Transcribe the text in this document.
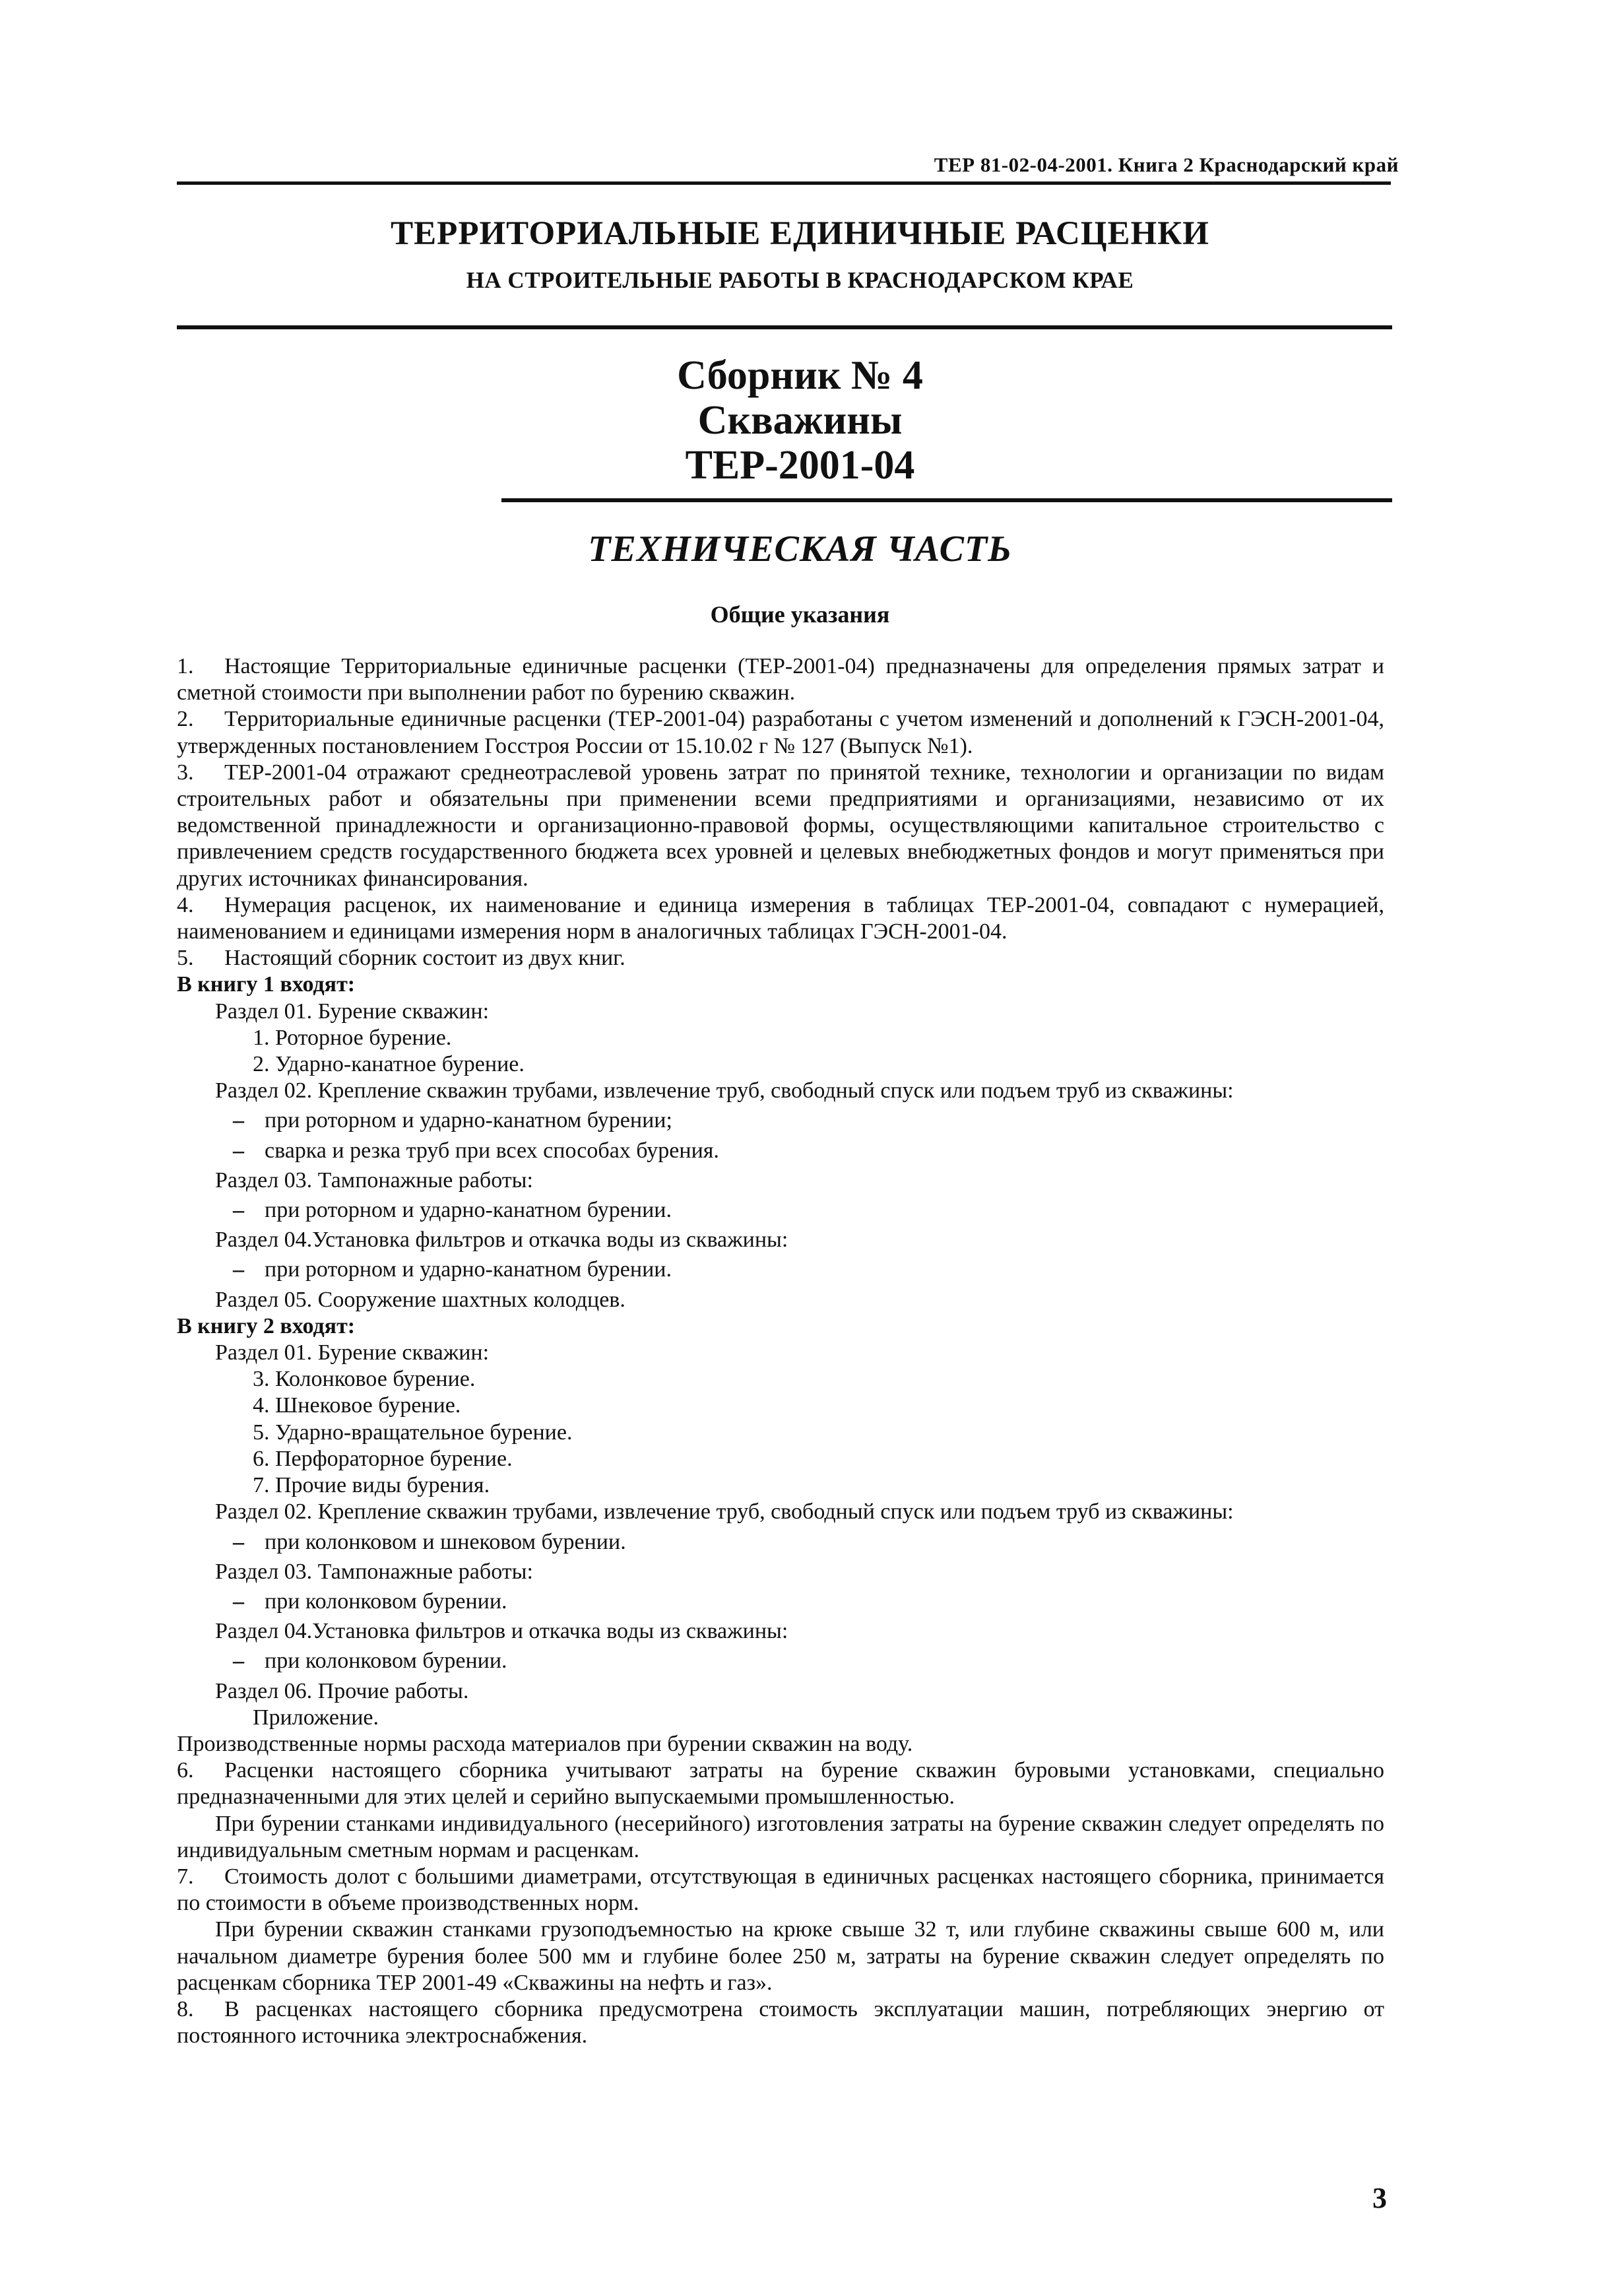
ТЕР 81-02-04-2001. Книга 2 Краснодарский край
ТЕРРИТОРИАЛЬНЫЕ ЕДИНИЧНЫЕ РАСЦЕНКИ
НА СТРОИТЕЛЬНЫЕ РАБОТЫ В КРАСНОДАРСКОМ КРАЕ
Сборник № 4
Скважины
ТЕР-2001-04
ТЕХНИЧЕСКАЯ ЧАСТЬ
Общие указания

1. Настоящие Территориальные единичные расценки (ТЕР-2001-04) предназначены для определения прямых затрат и сметной стоимости при выполнении работ по бурению скважин.

2. Территориальные единичные расценки (ТЕР-2001-04) разработаны с учетом изменений и дополнений к ГЭСН-2001-04, утвержденных постановлением Госстроя России от 15.10.02 г № 127 (Выпуск №1).

3. ТЕР-2001-04 отражают среднеотраслевой уровень затрат по принятой технике, технологии и организации по видам строительных работ и обязательны при применении всеми предприятиями и организациями, независимо от их ведомственной принадлежности и организационно-правовой формы, осуществляющими капитальное строительство с привлечением средств государственного бюджета всех уровней и целевых внебюджетных фондов и могут применяться при других источниках финансирования.

4. Нумерация расценок, их наименование и единица измерения в таблицах ТЕР-2001-04, совпадают с нумерацией, наименованием и единицами измерения норм в аналогичных таблицах ГЭСН-2001-04.

5. Настоящий сборник состоит из двух книг.

В книгу 1 входят:

Раздел 01. Бурение скважин:

1. Роторное бурение.

2. Ударно-канатное бурение.

Раздел 02. Крепление скважин трубами, извлечение труб, свободный спуск или подъем труб из скважины:

– при роторном и ударно-канатном бурении;

– сварка и резка труб при всех способах бурения.

Раздел 03. Тампонажные работы:

– при роторном и ударно-канатном бурении.

Раздел 04.Установка фильтров и откачка воды из скважины:

– при роторном и ударно-канатном бурении.

Раздел 05. Сооружение шахтных колодцев.

В книгу 2 входят:

Раздел 01. Бурение скважин:

3. Колонковое бурение.

4. Шнековое бурение.

5. Ударно-вращательное бурение.

6. Перфораторное бурение.

7. Прочие виды бурения.

Раздел 02. Крепление скважин трубами, извлечение труб, свободный спуск или подъем труб из скважины:

– при колонковом и шнековом бурении.

Раздел 03. Тампонажные работы:

– при колонковом бурении.

Раздел 04.Установка фильтров и откачка воды из скважины:

– при колонковом бурении.

Раздел 06. Прочие работы.

Приложение.

Производственные нормы расхода материалов при бурении скважин на воду.

6. Расценки настоящего сборника учитывают затраты на бурение скважин буровыми установками, специально предназначенными для этих целей и серийно выпускаемыми промышленностью.

При бурении станками индивидуального (несерийного) изготовления затраты на бурение скважин следует определять по индивидуальным сметным нормам и расценкам.

7. Стоимость долот с большими диаметрами, отсутствующая в единичных расценках настоящего сборника, принимается по стоимости в объеме производственных норм.

При бурении скважин станками грузоподъемностью на крюке свыше 32 т, или глубине скважины свыше 600 м, или начальном диаметре бурения более 500 мм и глубине более 250 м, затраты на бурение скважин следует определять по расценкам сборника ТЕР 2001-49 «Скважины на нефть и газ».

8. В расценках настоящего сборника предусмотрена стоимость эксплуатации машин, потребляющих энергию от постоянного источника электроснабжения.

3
